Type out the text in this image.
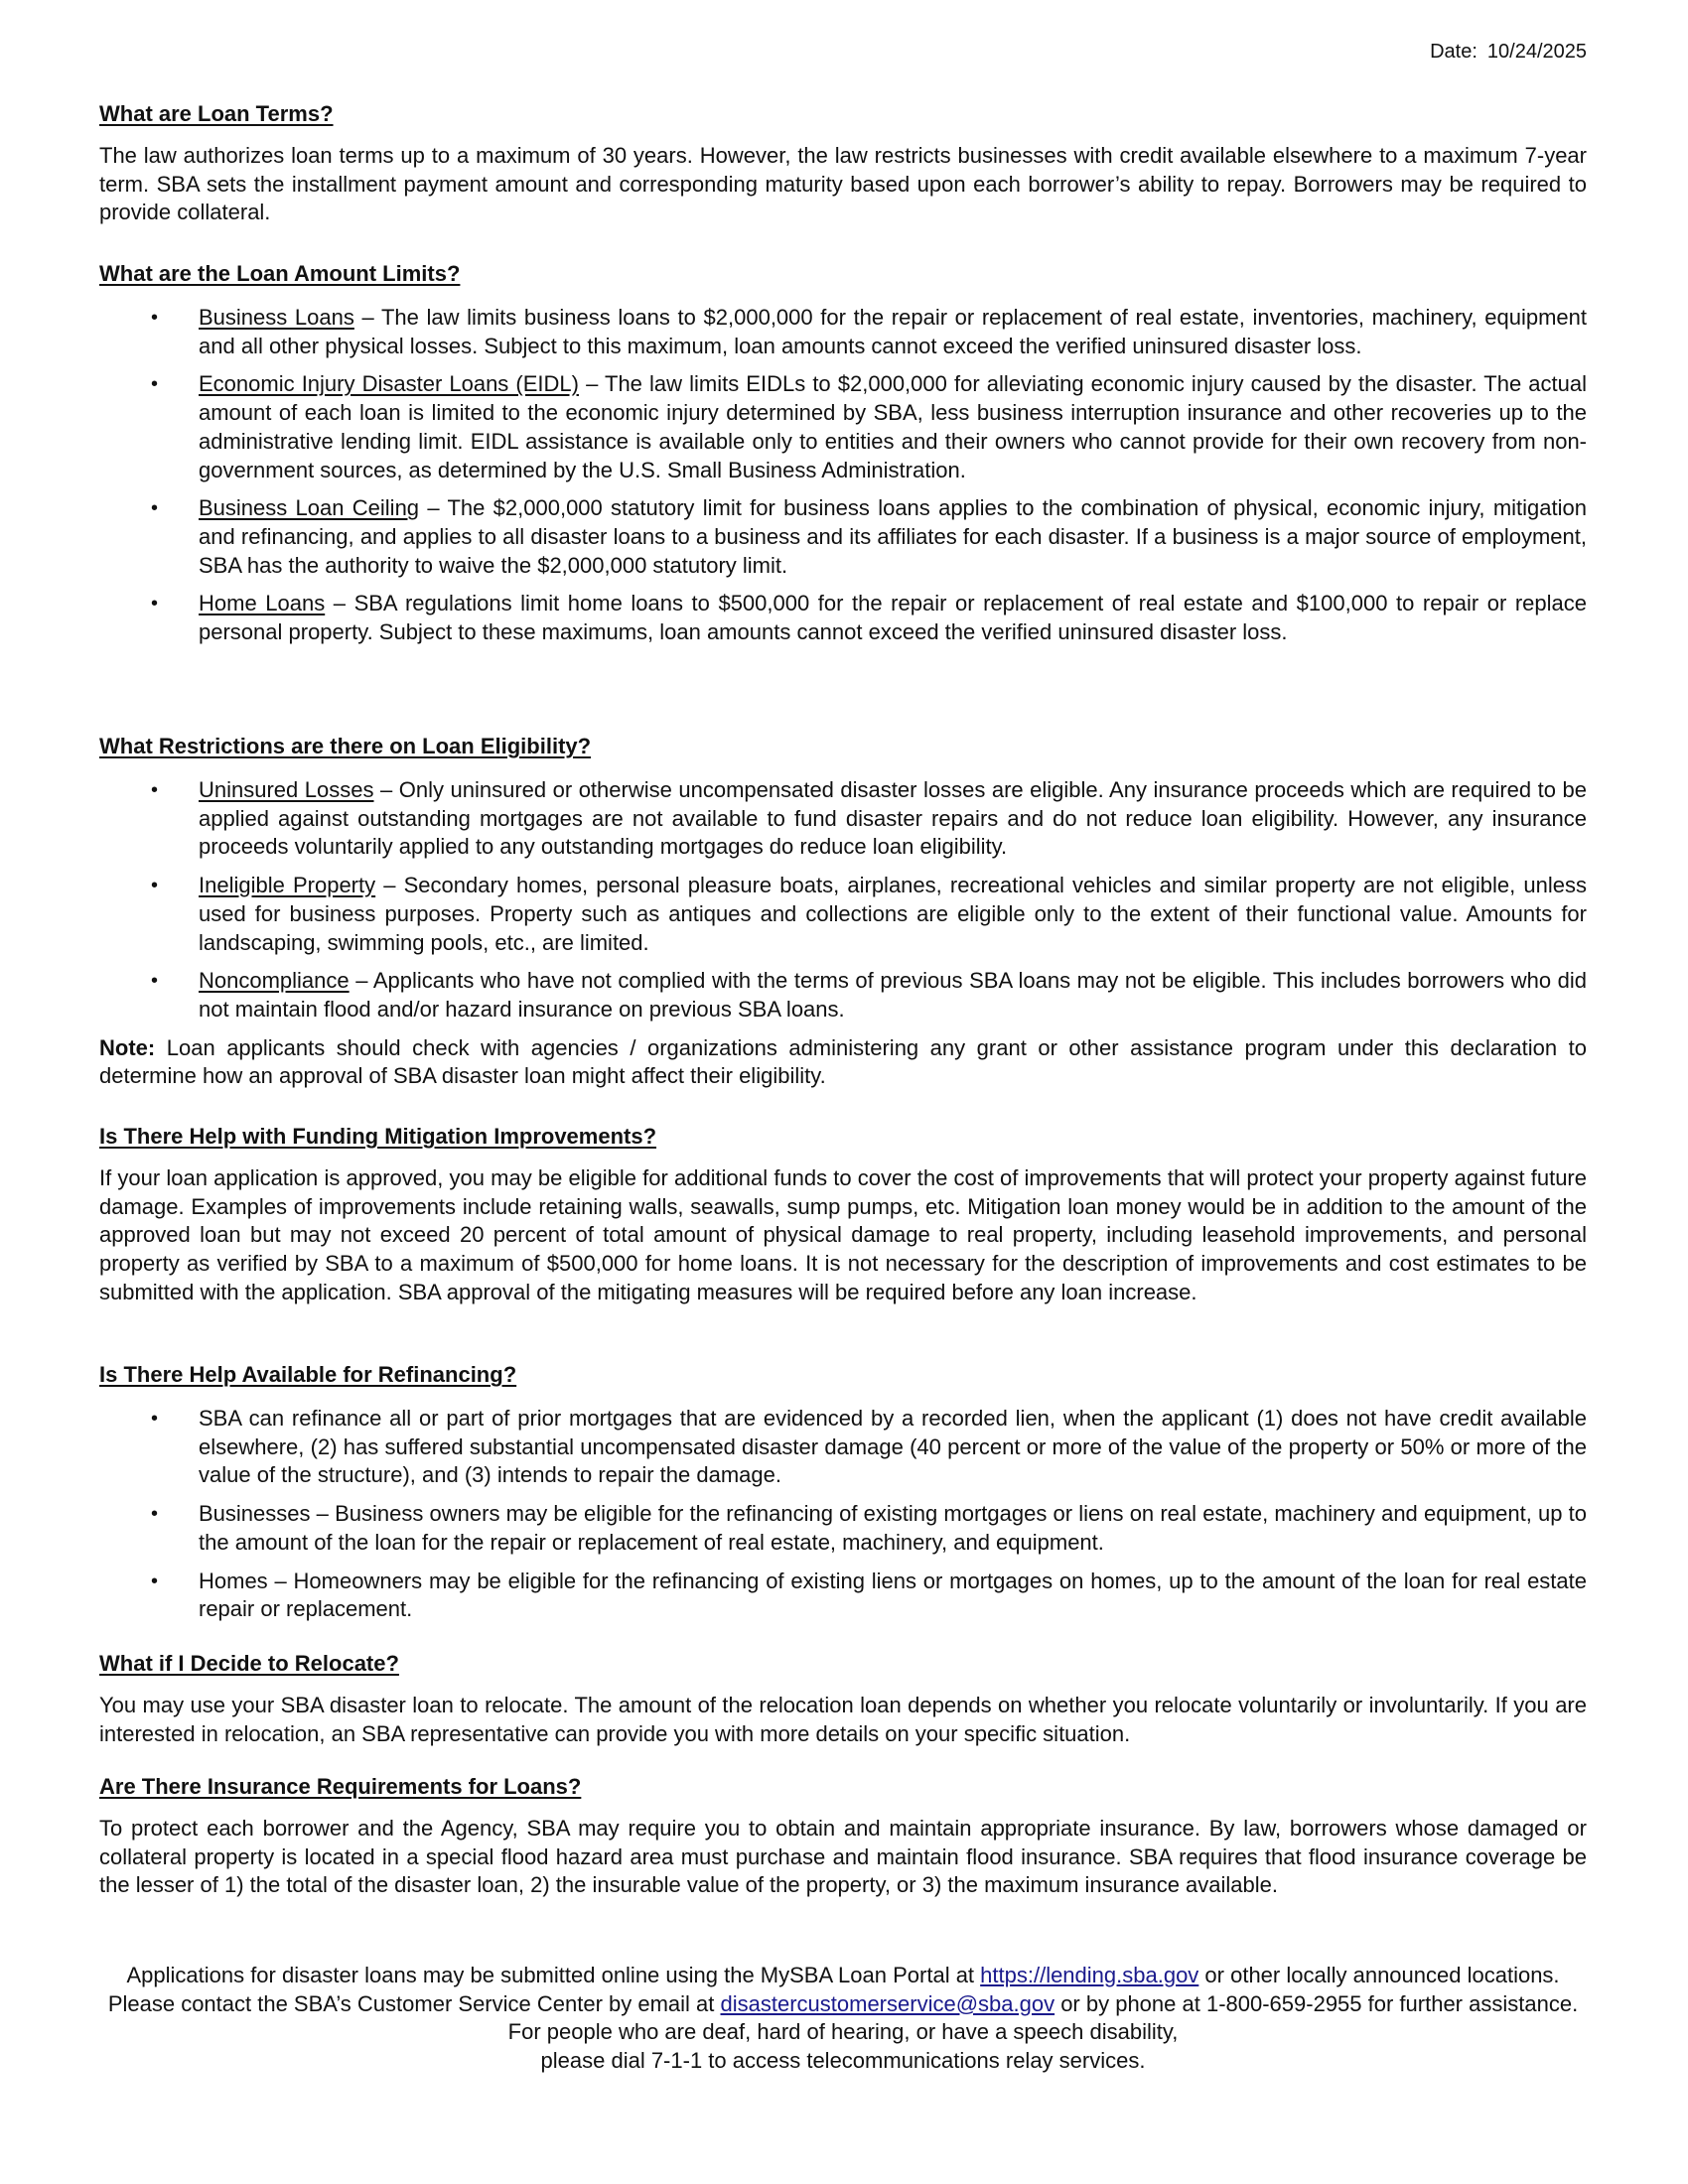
Date: 10/24/2025
What are Loan Terms?

The law authorizes loan terms up to a maximum of 30 years. However, the law restricts businesses with credit available elsewhere to a maximum 7-year term. SBA sets the installment payment amount and corresponding maturity based upon each borrower’s ability to repay. Borrowers may be required to provide collateral.

What are the Loan Amount Limits?
• Business Loans – The law limits business loans to $2,000,000 for the repair or replacement of real estate, inventories, machinery, equipment and all other physical losses. Subject to this maximum, loan amounts cannot exceed the verified uninsured disaster loss.
• Economic Injury Disaster Loans (EIDL) – The law limits EIDLs to $2,000,000 for alleviating economic injury caused by the disaster. The actual amount of each loan is limited to the economic injury determined by SBA, less business interruption insurance and other recoveries up to the administrative lending limit. EIDL assistance is available only to entities and their owners who cannot provide for their own recovery from non-government sources, as determined by the U.S. Small Business Administration.
• Business Loan Ceiling – The $2,000,000 statutory limit for business loans applies to the combination of physical, economic injury, mitigation and refinancing, and applies to all disaster loans to a business and its affiliates for each disaster. If a business is a major source of employment, SBA has the authority to waive the $2,000,000 statutory limit.
• Home Loans – SBA regulations limit home loans to $500,000 for the repair or replacement of real estate and $100,000 to repair or replace personal property. Subject to these maximums, loan amounts cannot exceed the verified uninsured disaster loss.
What Restrictions are there on Loan Eligibility?
• Uninsured Losses – Only uninsured or otherwise uncompensated disaster losses are eligible. Any insurance proceeds which are required to be applied against outstanding mortgages are not available to fund disaster repairs and do not reduce loan eligibility. However, any insurance proceeds voluntarily applied to any outstanding mortgages do reduce loan eligibility.
• Ineligible Property – Secondary homes, personal pleasure boats, airplanes, recreational vehicles and similar property are not eligible, unless used for business purposes. Property such as antiques and collections are eligible only to the extent of their functional value. Amounts for landscaping, swimming pools, etc., are limited.
• Noncompliance – Applicants who have not complied with the terms of previous SBA loans may not be eligible. This includes borrowers who did not maintain flood and/or hazard insurance on previous SBA loans.

Note: Loan applicants should check with agencies / organizations administering any grant or other assistance program under this declaration to determine how an approval of SBA disaster loan might affect their eligibility.

Is There Help with Funding Mitigation Improvements?

If your loan application is approved, you may be eligible for additional funds to cover the cost of improvements that will protect your property against future damage. Examples of improvements include retaining walls, seawalls, sump pumps, etc. Mitigation loan money would be in addition to the amount of the approved loan but may not exceed 20 percent of total amount of physical damage to real property, including leasehold improvements, and personal property as verified by SBA to a maximum of $500,000 for home loans. It is not necessary for the description of improvements and cost estimates to be submitted with the application. SBA approval of the mitigating measures will be required before any loan increase.

Is There Help Available for Refinancing?
• SBA can refinance all or part of prior mortgages that are evidenced by a recorded lien, when the applicant (1) does not have credit available elsewhere, (2) has suffered substantial uncompensated disaster damage (40 percent or more of the value of the property or 50% or more of the value of the structure), and (3) intends to repair the damage.
• Businesses – Business owners may be eligible for the refinancing of existing mortgages or liens on real estate, machinery and equipment, up to the amount of the loan for the repair or replacement of real estate, machinery, and equipment.
• Homes – Homeowners may be eligible for the refinancing of existing liens or mortgages on homes, up to the amount of the loan for real estate repair or replacement.
What if I Decide to Relocate?

You may use your SBA disaster loan to relocate. The amount of the relocation loan depends on whether you relocate voluntarily or involuntarily. If you are interested in relocation, an SBA representative can provide you with more details on your specific situation.

Are There Insurance Requirements for Loans?

To protect each borrower and the Agency, SBA may require you to obtain and maintain appropriate insurance. By law, borrowers whose damaged or collateral property is located in a special flood hazard area must purchase and maintain flood insurance. SBA requires that flood insurance coverage be the lesser of 1) the total of the disaster loan, 2) the insurable value of the property, or 3) the maximum insurance available.

Applications for disaster loans may be submitted online using the MySBA Loan Portal at https://lending.sba.gov or other locally announced locations. Please contact the SBA’s Customer Service Center by email at disastercustomerservice@sba.gov or by phone at 1-800-659-2955 for further assistance. For people who are deaf, hard of hearing, or have a speech disability,
please dial 7-1-1 to access telecommunications relay services.
